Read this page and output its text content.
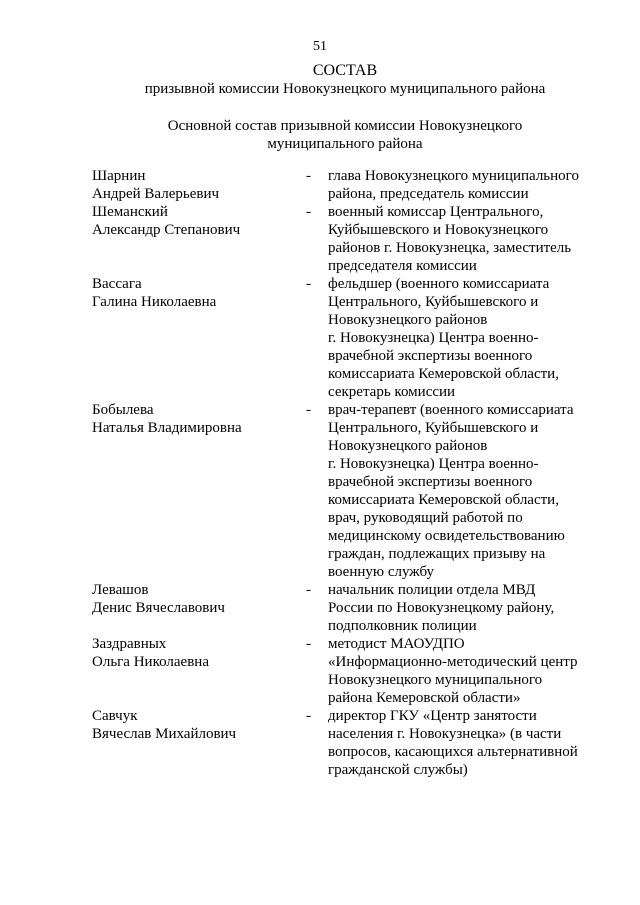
51
СОСТАВ
призывной комиссии Новокузнецкого муниципального района
Основной состав призывной комиссии Новокузнецкого
муниципального района
Шарнин
Андрей Валерьевич
-	глава Новокузнецкого муниципального
района, председатель комиссии
Шеманский
Александр Степанович
-	военный комиссар Центрального,
Куйбышевского и Новокузнецкого
районов г. Новокузнецка, заместитель
председателя комиссии
Вассага
Галина Николаевна
-	фельдшер (военного комиссариата
Центрального, Куйбышевского и
Новокузнецкого районов
г. Новокузнецка) Центра военно-
врачебной экспертизы военного
комиссариата Кемеровской области,
секретарь комиссии
Бобылева
Наталья Владимировна
-	врач-терапевт (военного комиссариата
Центрального, Куйбышевского и
Новокузнецкого районов
г. Новокузнецка) Центра военно-
врачебной экспертизы военного
комиссариата Кемеровской области,
врач, руководящий работой по
медицинскому освидетельствованию
граждан, подлежащих призыву на
военную службу
Левашов
Денис Вячеславович
-	начальник полиции отдела МВД
России по Новокузнецкому району,
подполковник полиции
Заздравных
Ольга Николаевна
-	методист МАОУДПО
«Информационно-методический центр
Новокузнецкого муниципального
района Кемеровской области»
Савчук
Вячеслав Михайлович
-	директор ГКУ «Центр занятости
населения г. Новокузнецка» (в части
вопросов, касающихся альтернативной
гражданской службы)
